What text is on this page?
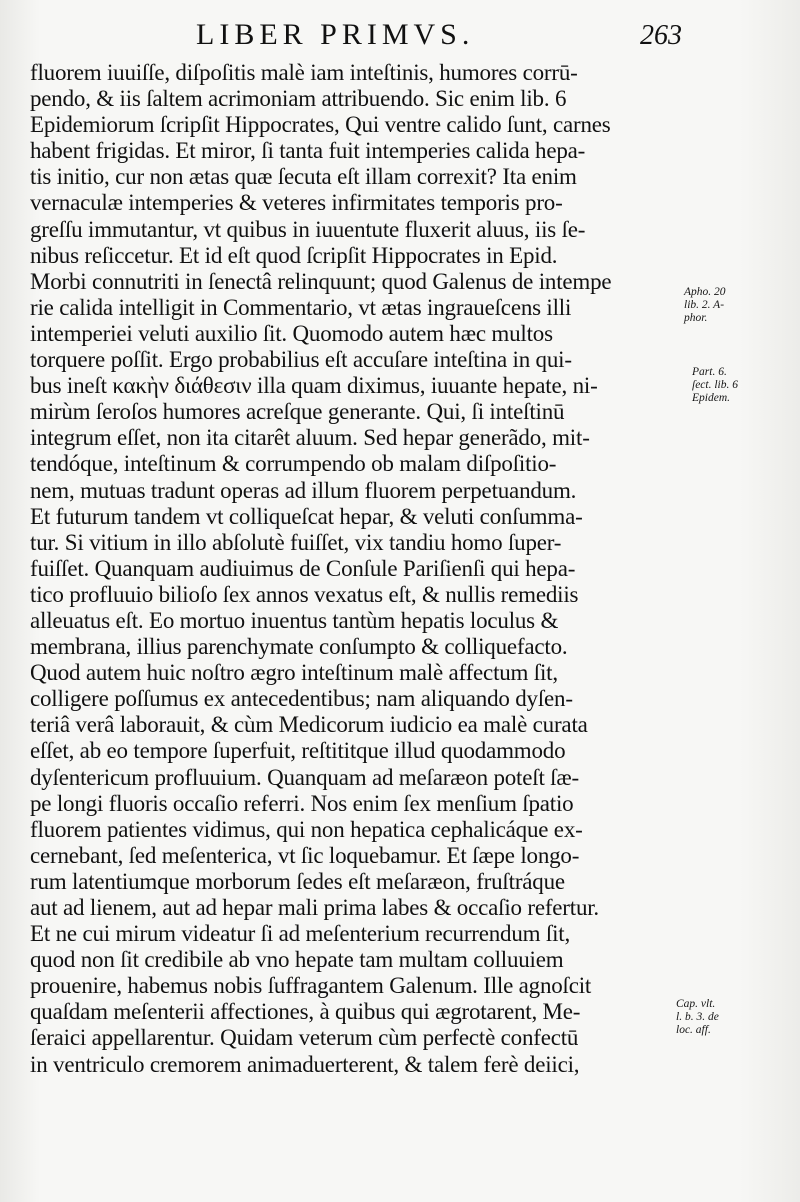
LIBER PRIMVS.	263
fluorem iuuiſſe, diſpoſitis malè iam inteſtinis, humores corrū-
pendo, & iis ſaltem acrimoniam attribuendo. Sic enim lib. 6
Epidemiorum ſcripſit Hippocrates, Qui ventre calido ſunt, carnes
habent frigidas. Et miror, ſi tanta fuit intemperies calida hepa-
tis initio, cur non ætas quæ ſecuta eſt illam correxit? Ita enim
vernaculæ intemperies & veteres infirmitates temporis pro-
greſſu immutantur, vt quibus in iuuentute fluxerit aluus, iis ſe-
nibus reſiccetur. Et id eſt quod ſcripſit Hippocrates in Epid.
Morbi connutriti in ſenectâ relinquunt; quod Galenus de intempe
rie calida intelligit in Commentario, vt ætas ingraueſcens illi
intemperiei veluti auxilio ſit. Quomodo autem hæc multos
torquere poſſit. Ergo probabilius eſt accuſare inteſtina in qui-
bus ineſt κακὴν διάθεσιν illa quam diximus, iuuante hepate, ni-
mirùm ſeroſos humores acreſque generante. Qui, ſi inteſtinū
integrum eſſet, non ita citarêt aluum. Sed hepar generãdo, mit-
tendóque, inteſtinum & corrumpendo ob malam diſpoſitio-
nem, mutuas tradunt operas ad illum fluorem perpetuandum.
Et futurum tandem vt colliqueſcat hepar, & veluti conſumma-
tur. Si vitium in illo abſolutè fuiſſet, vix tandiu homo ſuper-
fuiſſet. Quanquam audiuimus de Conſule Pariſienſi qui hepa-
tico profluuio bilioſo ſex annos vexatus eſt, & nullis remediis
alleuatus eſt. Eo mortuo inuentus tantùm hepatis loculus &
membrana, illius parenchymate conſumpto & colliquefacto.
Quod autem huic noſtro ægro inteſtinum malè affectum ſit,
colligere poſſumus ex antecedentibus; nam aliquando dyſen-
teriâ verâ laborauit, & cùm Medicorum iudicio ea malè curata
eſſet, ab eo tempore ſuperfuit, reſtititque illud quodammodo
dyſentericum profluuium. Quanquam ad meſaræon poteſt ſæ-
pe longi fluoris occaſio referri. Nos enim ſex menſium ſpatio
fluorem patientes vidimus, qui non hepatica cephalicáque ex-
cernebant, ſed meſenterica, vt ſic loquebamur. Et ſæpe longo-
rum latentiumque morborum ſedes eſt meſaræon, fruſtráque
aut ad lienem, aut ad hepar mali prima labes & occaſio refertur.
Et ne cui mirum videatur ſi ad meſenterium recurrendum ſit,
quod non ſit credibile ab vno hepate tam multam colluuiem
prouenire, habemus nobis ſuffragantem Galenum. Ille agnoſcit
quaſdam meſenterii affectiones, à quibus qui ægrotarent, Me-
ſeraici appellarentur. Quidam veterum cùm perfectè confectū
in ventriculo cremorem animaduerterent, & talem ferè deiici,
Apho. 20
lib. 2. A-
phor.
Part. 6.
ſect. lib. 6
Epidem.
Cap. vlt.
l. b. 3. de
loc. aff.
